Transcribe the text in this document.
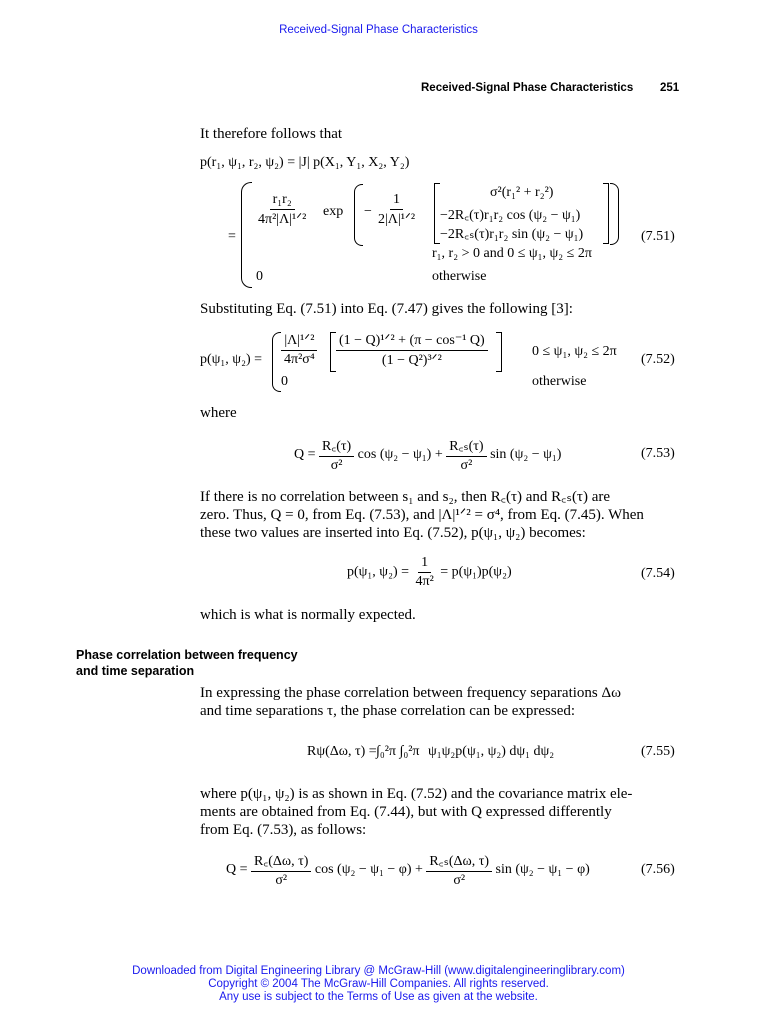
Received-Signal Phase Characteristics
Received-Signal Phase Characteristics 251
It therefore follows that
p(r₁, ψ₁, r₂, ψ₂) = |J| p(X₁, Y₁, X₂, Y₂)
=
$\frac{\text{r₁r₂}}{\text{4π²|Λ|¹ᐟ²}}$ $\exp - \frac{1}{\text{2|Λ|¹ᐟ²}}$	σ²(r₁² + r₂²)
−2R꜀(τ)r₁r₂ cos (ψ₂ − ψ₁)
−2R꜀ₛ(τ)r₁r₂ sin (ψ₂ − ψ₁)
r₁, r₂ > 0 and 0 ≤ ψ₁, ψ₂ ≤ 2π
0	otherwise
(7.51)
Substituting Eq. (7.51) into Eq. (7.47) gives the following [3]:
p(ψ₁, $\psi_2) = \frac{\text{|Λ|¹ᐟ²}}{\text{4π²σ⁴}} \frac{\text{(1 − Q)¹ᐟ² + (π − cos⁻¹ Q)}}{\text{(1 − Q²)³ᐟ²}}$	0 ≤ ψ₁, ψ₂ ≤ 2π
0	otherwise
(7.52)
where
$Q = \frac{R꜀(\tau)}{\text{σ²}}$ $\cos (\psi_2 - \psi_1) + \frac{\text{R꜀ₛ(τ)}}{\text{σ²}}$ sin (ψ₂ − ψ₁)	(7.53)
If there is no correlation between s₁ and s₂, then R꜀(τ) and R꜀ₛ(τ) are
zero. Thus, Q = 0, from Eq. (7.53), and |Λ|¹ᐟ² = σ⁴, from Eq. (7.45). When
these two values are inserted into Eq. (7.52), p(ψ₁, ψ₂) becomes:
p(ψ₁, $\psi_2) = \frac{1}{\text{4π²}} = p(\psi_1)p(\psi_2)$	(7.54)
which is what is normally expected.
Phase correlation between frequency
and time separation
In expressing the phase correlation between frequency separations Δω
and time separations τ, the phase correlation can be expressed:
Rψ(Δω, τ) = ∫₀²π ∫₀²π ψ₁ψ₂p(ψ₁, ψ₂) dψ₁ dψ₂	(7.55)
where p(ψ₁, ψ₂) is as shown in Eq. (7.52) and the covariance matrix ele-
ments are obtained from Eq. (7.44), but with Q expressed differently
from Eq. (7.53), as follows:
$Q = \frac{R꜀(\Delta\omega, \tau)}{\text{σ²}}$ $\cos (\psi_2 - \psi_1 - \varphi) + \frac{\text{R꜀ₛ(Δω, τ)}}{\text{σ²}}$ sin (ψ₂ − ψ₁ − φ)	(7.56)
Downloaded from Digital Engineering Library @ McGraw-Hill (www.digitalengineeringlibrary.com)
Copyright © 2004 The McGraw-Hill Companies. All rights reserved.
Any use is subject to the Terms of Use as given at the website.
